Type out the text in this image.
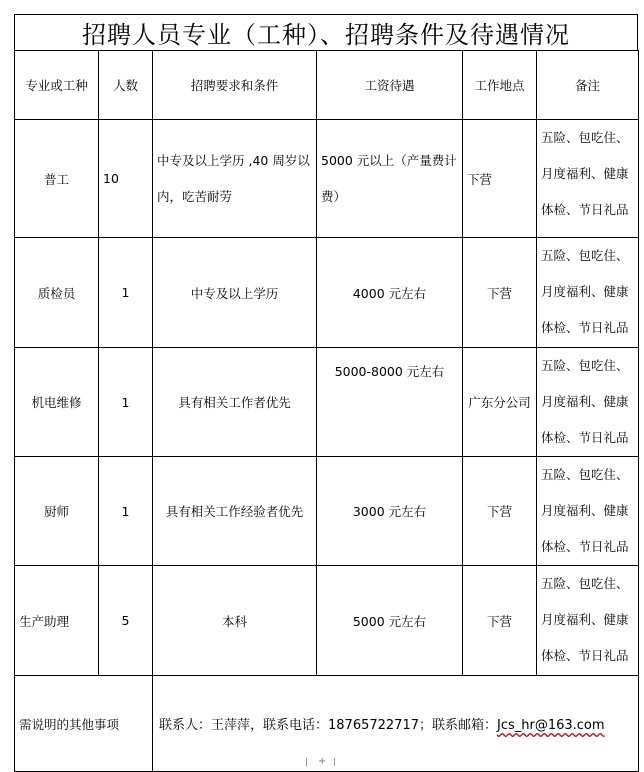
招聘人员专业（工种）、招聘条件及待遇情况
专业或工种	人数	招聘要求和条件	工资待遇	工作地点	备注
普工	10	中专及以上学历 ,40 周岁以内，吃苦耐劳	5000 元以上（产量费计费）	下营	五险、包吃住、
月度福利、健康
体检、节日礼品

质检员	1	中专及以上学历	4000 元左右	下营	五险、包吃住、
月度福利、健康
体检、节日礼品

机电维修	1	具有相关工作者优先	5000-8000 元左右	广东分公司	五险、包吃住、
月度福利、健康
体检、节日礼品

厨师	1	具有相关工作经验者优先	3000 元左右	下营	五险、包吃住、
月度福利、健康
体检、节日礼品

生产助理	5	本科	5000 元左右	下营	五险、包吃住、
月度福利、健康
体检、节日礼品

需说明的其他事项		联系人：王萍萍，联系电话：18765722717；联系邮箱：Jcs_hr@163.com			
+
